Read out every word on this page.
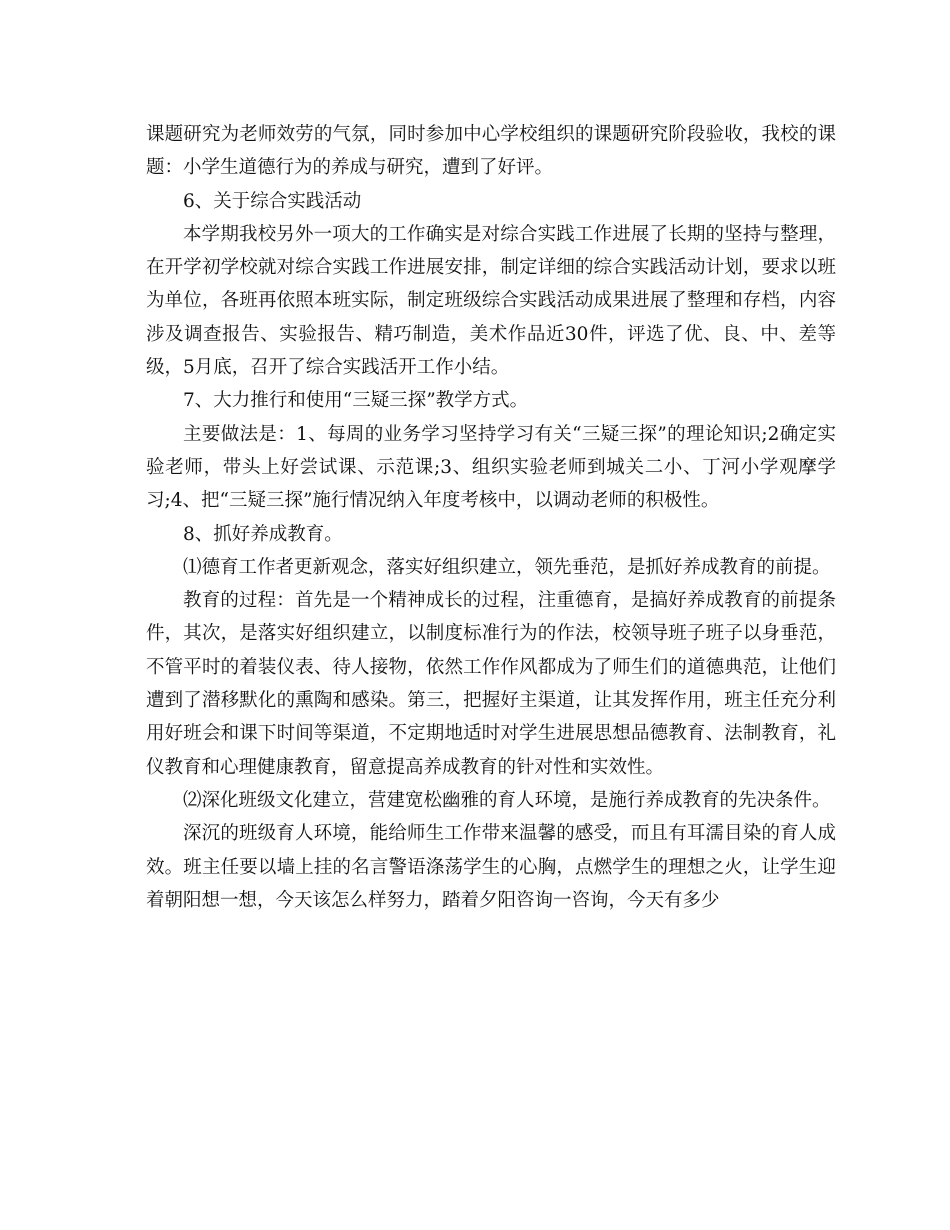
课题研究为老师效劳的气氛，同时参加中心学校组织的课题研究阶段验收，我校的课题：小学生道德行为的养成与研究，遭到了好评。

6、关于综合实践活动

本学期我校另外一项大的工作确实是对综合实践工作进展了长期的坚持与整理，在开学初学校就对综合实践工作进展安排，制定详细的综合实践活动计划，要求以班为单位，各班再依照本班实际，制定班级综合实践活动成果进展了整理和存档，内容涉及调查报告、实验报告、精巧制造，美术作品近30件，评选了优、良、中、差等级，5月底，召开了综合实践活开工作小结。

7、大力推行和使用“三疑三探”教学方式。

主要做法是：1、每周的业务学习坚持学习有关“三疑三探”的理论知识;2确定实验老师，带头上好尝试课、示范课;3、组织实验老师到城关二小、丁河小学观摩学习;4、把“三疑三探”施行情况纳入年度考核中，以调动老师的积极性。

8、抓好养成教育。

⑴德育工作者更新观念，落实好组织建立，领先垂范，是抓好养成教育的前提。

教育的过程：首先是一个精神成长的过程，注重德育，是搞好养成教育的前提条件，其次，是落实好组织建立，以制度标准行为的作法，校领导班子班子以身垂范，不管平时的着装仪表、待人接物，依然工作作风都成为了师生们的道德典范，让他们遭到了潜移默化的熏陶和感染。第三，把握好主渠道，让其发挥作用，班主任充分利用好班会和课下时间等渠道，不定期地适时对学生进展思想品德教育、法制教育，礼仪教育和心理健康教育，留意提高养成教育的针对性和实效性。

⑵深化班级文化建立，营建宽松幽雅的育人环境，是施行养成教育的先决条件。

深沉的班级育人环境，能给师生工作带来温馨的感受，而且有耳濡目染的育人成效。班主任要以墙上挂的名言警语涤荡学生的心胸，点燃学生的理想之火，让学生迎着朝阳想一想，今天该怎么样努力，踏着夕阳咨询一咨询，今天有多少
